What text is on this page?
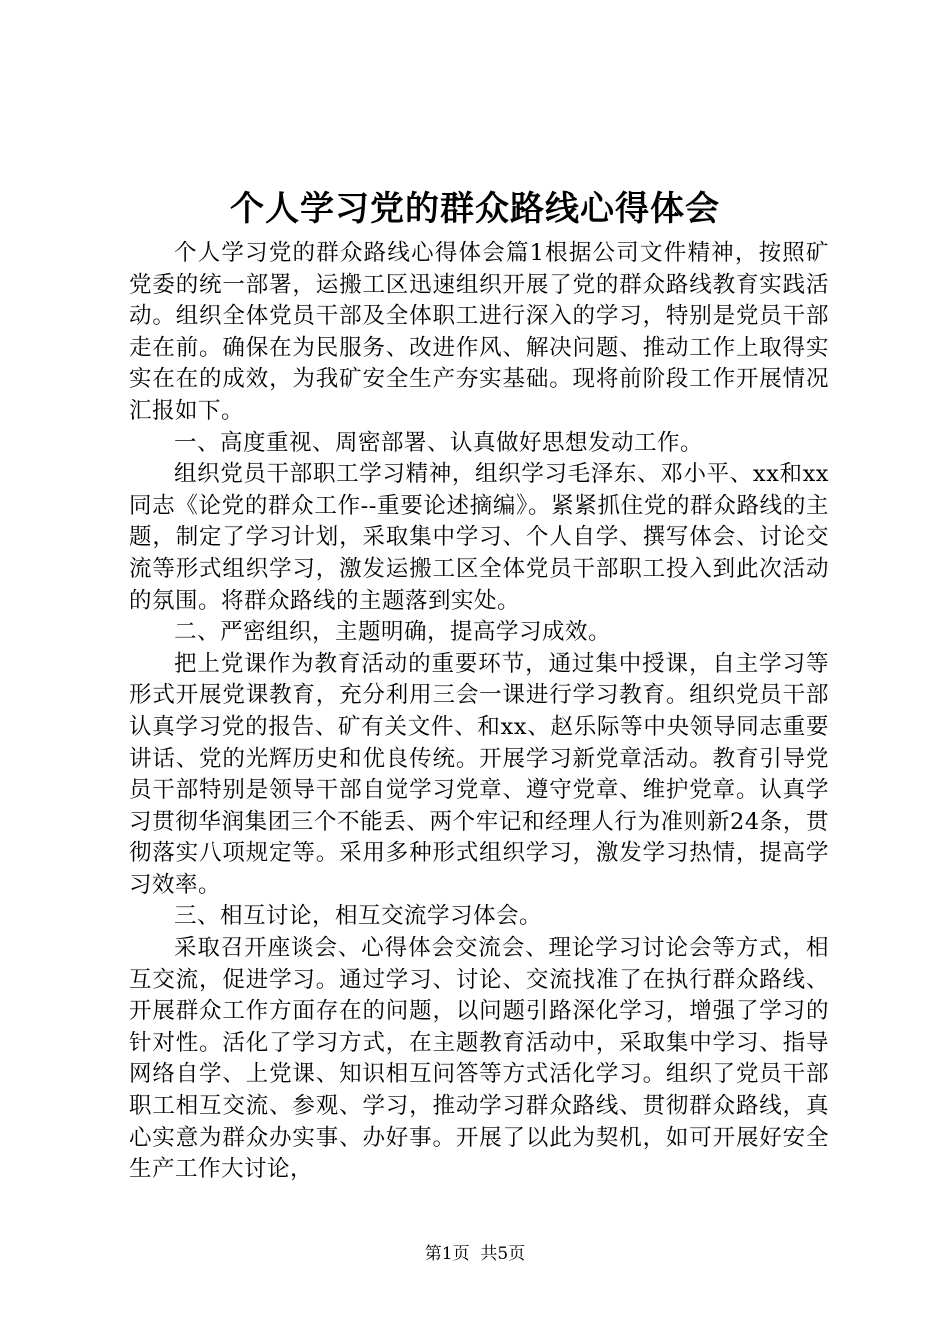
个人学习党的群众路线心得体会

个人学习党的群众路线心得体会篇1根据公司文件精神，按照矿党委的统一部署，运搬工区迅速组织开展了党的群众路线教育实践活动。组织全体党员干部及全体职工进行深入的学习，特别是党员干部走在前。确保在为民服务、改进作风、解决问题、推动工作上取得实实在在的成效，为我矿安全生产夯实基础。现将前阶段工作开展情况汇报如下。

一、高度重视、周密部署、认真做好思想发动工作。

组织党员干部职工学习精神，组织学习毛泽东、邓小平、xx和xx同志《论党的群众工作--重要论述摘编》。紧紧抓住党的群众路线的主题，制定了学习计划，采取集中学习、个人自学、撰写体会、讨论交流等形式组织学习，激发运搬工区全体党员干部职工投入到此次活动的氛围。将群众路线的主题落到实处。

二、严密组织，主题明确，提高学习成效。

把上党课作为教育活动的重要环节，通过集中授课，自主学习等形式开展党课教育，充分利用三会一课进行学习教育。组织党员干部认真学习党的报告、矿有关文件、和xx、赵乐际等中央领导同志重要讲话、党的光辉历史和优良传统。开展学习新党章活动。教育引导党员干部特别是领导干部自觉学习党章、遵守党章、维护党章。认真学习贯彻华润集团三个不能丢、两个牢记和经理人行为准则新24条，贯彻落实八项规定等。采用多种形式组织学习，激发学习热情，提高学习效率。

三、相互讨论，相互交流学习体会。

采取召开座谈会、心得体会交流会、理论学习讨论会等方式，相互交流，促进学习。通过学习、讨论、交流找准了在执行群众路线、开展群众工作方面存在的问题，以问题引路深化学习，增强了学习的针对性。活化了学习方式，在主题教育活动中，采取集中学习、指导网络自学、上党课、知识相互问答等方式活化学习。组织了党员干部职工相互交流、参观、学习，推动学习群众路线、贯彻群众路线，真心实意为群众办实事、办好事。开展了以此为契机，如可开展好安全生产工作大讨论，

第1页  共5页
